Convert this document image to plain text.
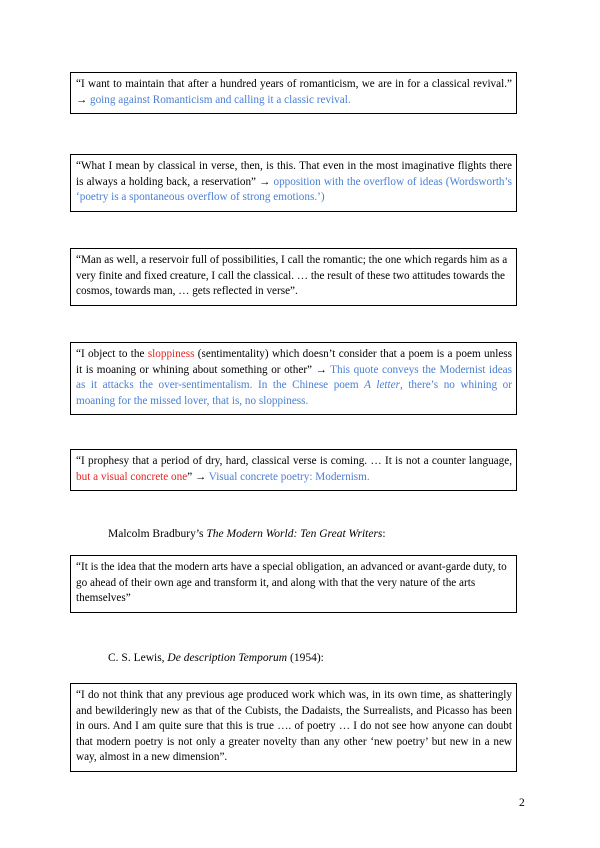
“I want to maintain that after a hundred years of romanticism, we are in for a classical revival.” → going against Romanticism and calling it a classic revival.
“What I mean by classical in verse, then, is this. That even in the most imaginative flights there is always a holding back, a reservation” → opposition with the overflow of ideas (Wordsworth’s ‘poetry is a spontaneous overflow of strong emotions.’)
“Man as well, a reservoir full of possibilities, I call the romantic; the one which regards him as a very finite and fixed creature, I call the classical. … the result of these two attitudes towards the cosmos, towards man, … gets reflected in verse”.
“I object to the sloppiness (sentimentality) which doesn’t consider that a poem is a poem unless it is moaning or whining about something or other” → This quote conveys the Modernist ideas as it attacks the over-sentimentalism. In the Chinese poem A letter, there’s no whining or moaning for the missed lover, that is, no sloppiness.
“I prophesy that a period of dry, hard, classical verse is coming. … It is not a counter language, but a visual concrete one” → Visual concrete poetry: Modernism.
Malcolm Bradbury’s The Modern World: Ten Great Writers:
“It is the idea that the modern arts have a special obligation, an advanced or avant-garde duty, to go ahead of their own age and transform it, and along with that the very nature of the arts themselves”
C. S. Lewis, De description Temporum (1954):
“I do not think that any previous age produced work which was, in its own time, as shatteringly and bewilderingly new as that of the Cubists, the Dadaists, the Surrealists, and Picasso has been in ours. And I am quite sure that this is true …. of poetry … I do not see how anyone can doubt that modern poetry is not only a greater novelty than any other ‘new poetry’ but new in a new way, almost in a new dimension”.
2
